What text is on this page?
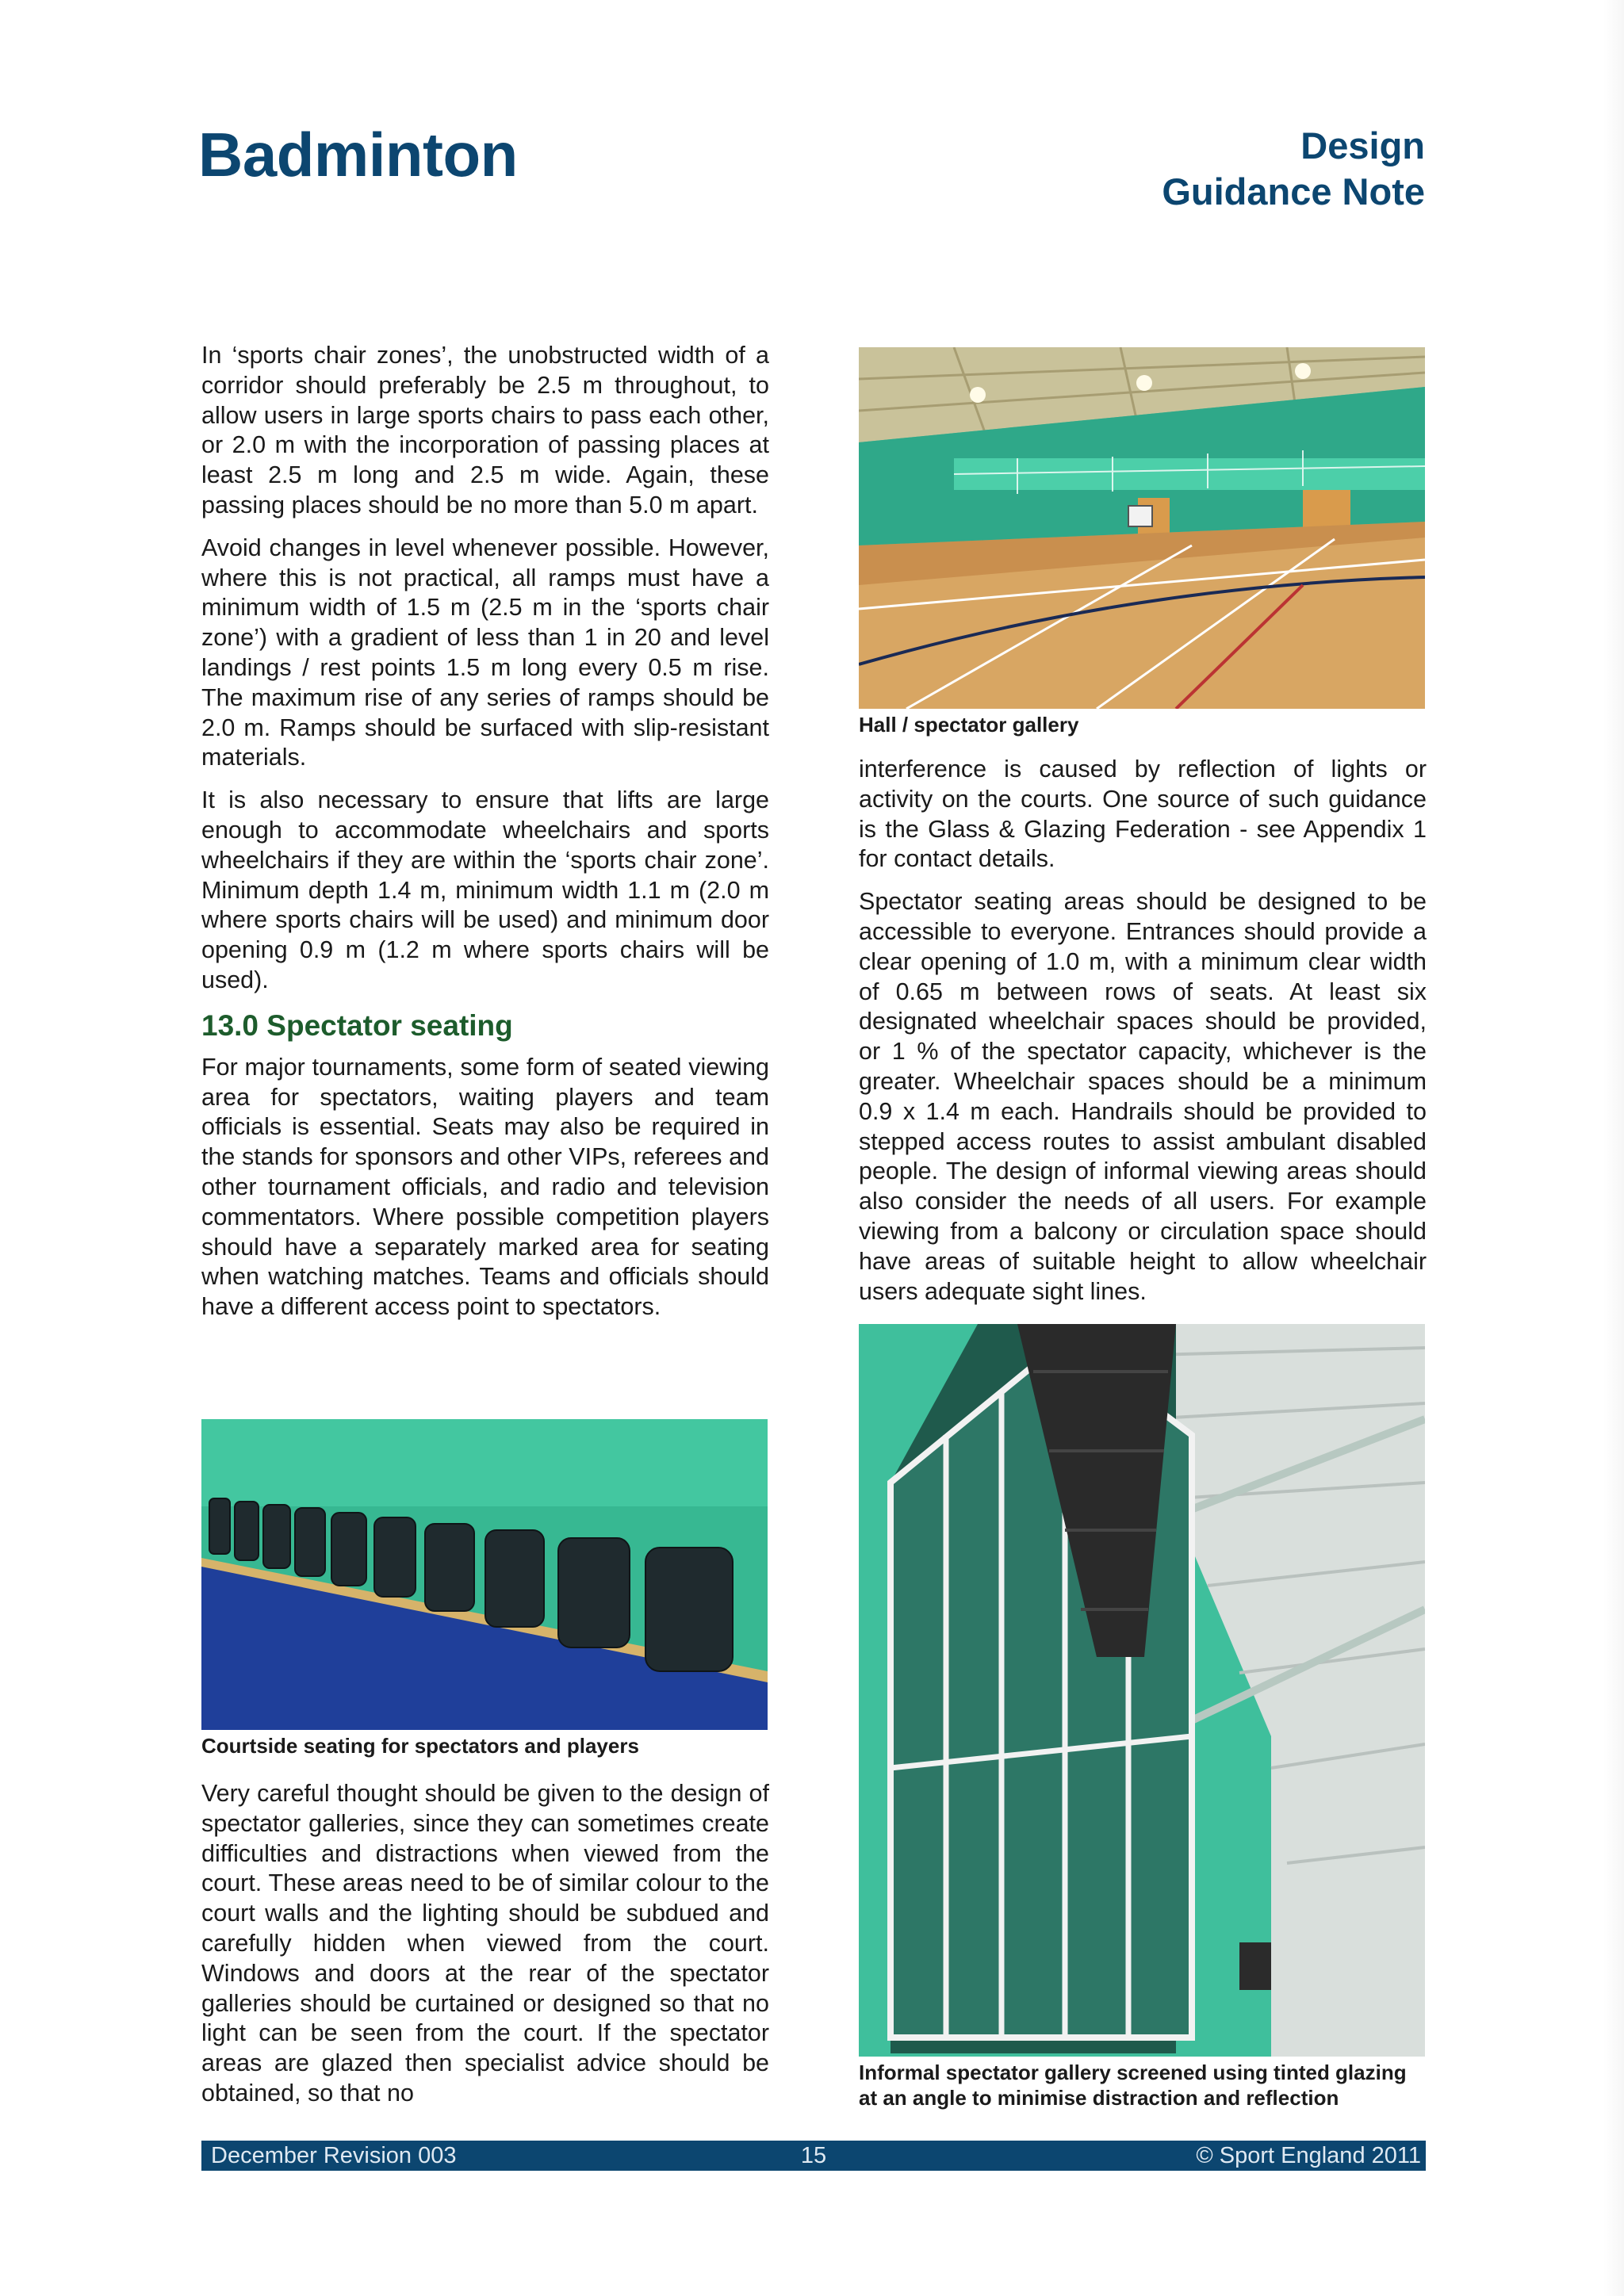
Badminton	Design
Guidance Note

In ‘sports chair zones’, the unobstructed width of a corridor should preferably be 2.5 m throughout, to allow users in large sports chairs to pass each other, or 2.0 m with the incorporation of passing places at least 2.5 m long and 2.5 m wide. Again, these passing places should be no more than 5.0 m apart.

Avoid changes in level whenever possible. However, where this is not practical, all ramps must have a minimum width of 1.5 m (2.5 m in the ‘sports chair zone’) with a gradient of less than 1 in 20 and level landings / rest points 1.5 m long every 0.5 m rise. The maximum rise of any series of ramps should be 2.0 m. Ramps should be surfaced with slip-resistant materials.

It is also necessary to ensure that lifts are large enough to accommodate wheelchairs and sports wheelchairs if they are within the ‘sports chair zone’. Minimum depth 1.4 m, minimum width 1.1 m (2.0 m where sports chairs will be used) and minimum door opening 0.9 m (1.2 m where sports chairs will be used).

13.0 Spectator seating

For major tournaments, some form of seated viewing area for spectators, waiting players and team officials is essential. Seats may also be required in the stands for sponsors and other VIPs, referees and other tournament officials, and radio and television commentators. Where possible competition players should have a separately marked area for seating when watching matches. Teams and officials should have a different access point to spectators.

Courtside seating for spectators and players

Very careful thought should be given to the design of spectator galleries, since they can sometimes create difficulties and distractions when viewed from the court. These areas need to be of similar colour to the court walls and the lighting should be subdued and carefully hidden when viewed from the court. Windows and doors at the rear of the spectator galleries should be curtained or designed so that no light can be seen from the court. If the spectator areas are glazed then specialist advice should be obtained, so that no

Hall / spectator gallery

interference is caused by reflection of lights or activity on the courts. One source of such guidance is the Glass & Glazing Federation - see Appendix 1 for contact details.

Spectator seating areas should be designed to be accessible to everyone. Entrances should provide a clear opening of 1.0 m, with a minimum clear width of 0.65 m between rows of seats. At least six designated wheelchair spaces should be provided, or 1 % of the spectator capacity, whichever is the greater. Wheelchair spaces should be a minimum 0.9 x 1.4 m each. Handrails should be provided to stepped access routes to assist ambulant disabled people. The design of informal viewing areas should also consider the needs of all users. For example viewing from a balcony or circulation space should have areas of suitable height to allow wheelchair users adequate sight lines.

Informal spectator gallery screened using tinted glazing
at an angle to minimise distraction and reflection
December Revision 003	15	© Sport England 2011
